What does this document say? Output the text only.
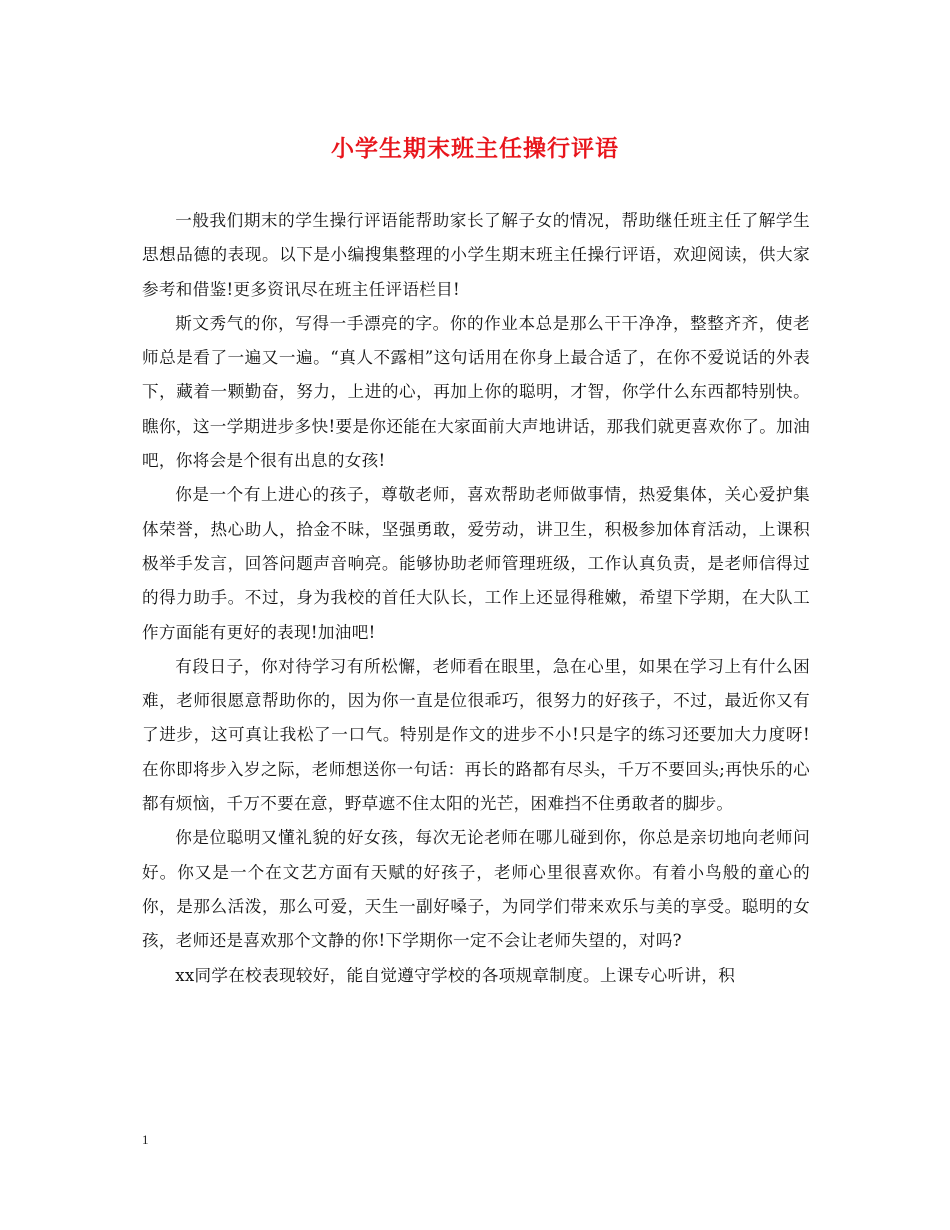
小学生期末班主任操行评语

一般我们期末的学生操行评语能帮助家长了解子女的情况，帮助继任班主任了解学生思想品德的表现。以下是小编搜集整理的小学生期末班主任操行评语，欢迎阅读，供大家参考和借鉴!更多资讯尽在班主任评语栏目!

斯文秀气的你，写得一手漂亮的字。你的作业本总是那么干干净净，整整齐齐，使老师总是看了一遍又一遍。“真人不露相”这句话用在你身上最合适了，在你不爱说话的外表下，藏着一颗勤奋，努力，上进的心，再加上你的聪明，才智，你学什么东西都特别快。瞧你，这一学期进步多快!要是你还能在大家面前大声地讲话，那我们就更喜欢你了。加油吧，你将会是个很有出息的女孩!

你是一个有上进心的孩子，尊敬老师，喜欢帮助老师做事情，热爱集体，关心爱护集体荣誉，热心助人，拾金不昧，坚强勇敢，爱劳动，讲卫生，积极参加体育活动，上课积极举手发言，回答问题声音响亮。能够协助老师管理班级，工作认真负责，是老师信得过的得力助手。不过，身为我校的首任大队长，工作上还显得稚嫩，希望下学期，在大队工作方面能有更好的表现!加油吧!

有段日子，你对待学习有所松懈，老师看在眼里，急在心里，如果在学习上有什么困难，老师很愿意帮助你的，因为你一直是位很乖巧，很努力的好孩子，不过，最近你又有了进步，这可真让我松了一口气。特别是作文的进步不小!只是字的练习还要加大力度呀!在你即将步入岁之际，老师想送你一句话：再长的路都有尽头，千万不要回头;再快乐的心都有烦恼，千万不要在意，野草遮不住太阳的光芒，困难挡不住勇敢者的脚步。

你是位聪明又懂礼貌的好女孩，每次无论老师在哪儿碰到你，你总是亲切地向老师问好。你又是一个在文艺方面有天赋的好孩子，老师心里很喜欢你。有着小鸟般的童心的你，是那么活泼，那么可爱，天生一副好嗓子，为同学们带来欢乐与美的享受。聪明的女孩，老师还是喜欢那个文静的你!下学期你一定不会让老师失望的，对吗?

xx同学在校表现较好，能自觉遵守学校的各项规章制度。上课专心听讲，积

1
